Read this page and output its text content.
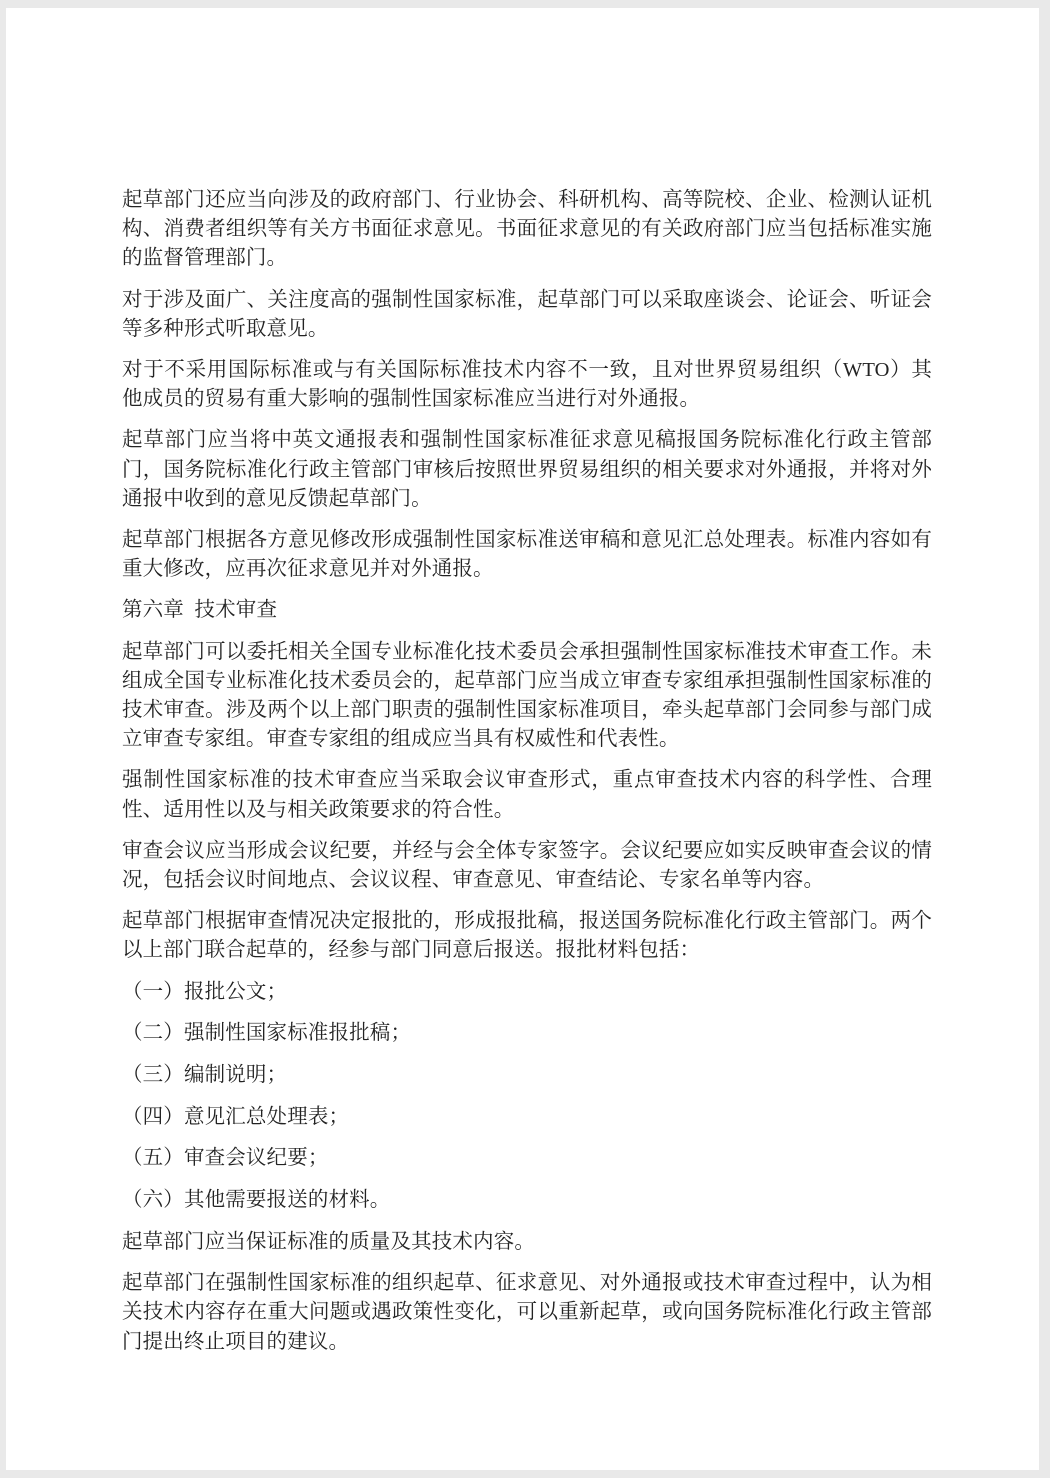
起草部门还应当向涉及的政府部门、行业协会、科研机构、高等院校、企业、检测认证机构、消费者组织等有关方书面征求意见。书面征求意见的有关政府部门应当包括标准实施的监督管理部门。

对于涉及面广、关注度高的强制性国家标准，起草部门可以采取座谈会、论证会、听证会等多种形式听取意见。

对于不采用国际标准或与有关国际标准技术内容不一致，且对世界贸易组织（WTO）其他成员的贸易有重大影响的强制性国家标准应当进行对外通报。

起草部门应当将中英文通报表和强制性国家标准征求意见稿报国务院标准化行政主管部门，国务院标准化行政主管部门审核后按照世界贸易组织的相关要求对外通报，并将对外通报中收到的意见反馈起草部门。

起草部门根据各方意见修改形成强制性国家标准送审稿和意见汇总处理表。标准内容如有重大修改，应再次征求意见并对外通报。

第六章  技术审查

起草部门可以委托相关全国专业标准化技术委员会承担强制性国家标准技术审查工作。未组成全国专业标准化技术委员会的，起草部门应当成立审查专家组承担强制性国家标准的技术审查。涉及两个以上部门职责的强制性国家标准项目，牵头起草部门会同参与部门成立审查专家组。审查专家组的组成应当具有权威性和代表性。

强制性国家标准的技术审查应当采取会议审查形式，重点审查技术内容的科学性、合理性、适用性以及与相关政策要求的符合性。

审查会议应当形成会议纪要，并经与会全体专家签字。会议纪要应如实反映审查会议的情况，包括会议时间地点、会议议程、审查意见、审查结论、专家名单等内容。

起草部门根据审查情况决定报批的，形成报批稿，报送国务院标准化行政主管部门。两个以上部门联合起草的，经参与部门同意后报送。报批材料包括：

（一）报批公文；

（二）强制性国家标准报批稿；

（三）编制说明；

（四）意见汇总处理表；

（五）审查会议纪要；

（六）其他需要报送的材料。

起草部门应当保证标准的质量及其技术内容。

起草部门在强制性国家标准的组织起草、征求意见、对外通报或技术审查过程中，认为相关技术内容存在重大问题或遇政策性变化，可以重新起草，或向国务院标准化行政主管部门提出终止项目的建议。
